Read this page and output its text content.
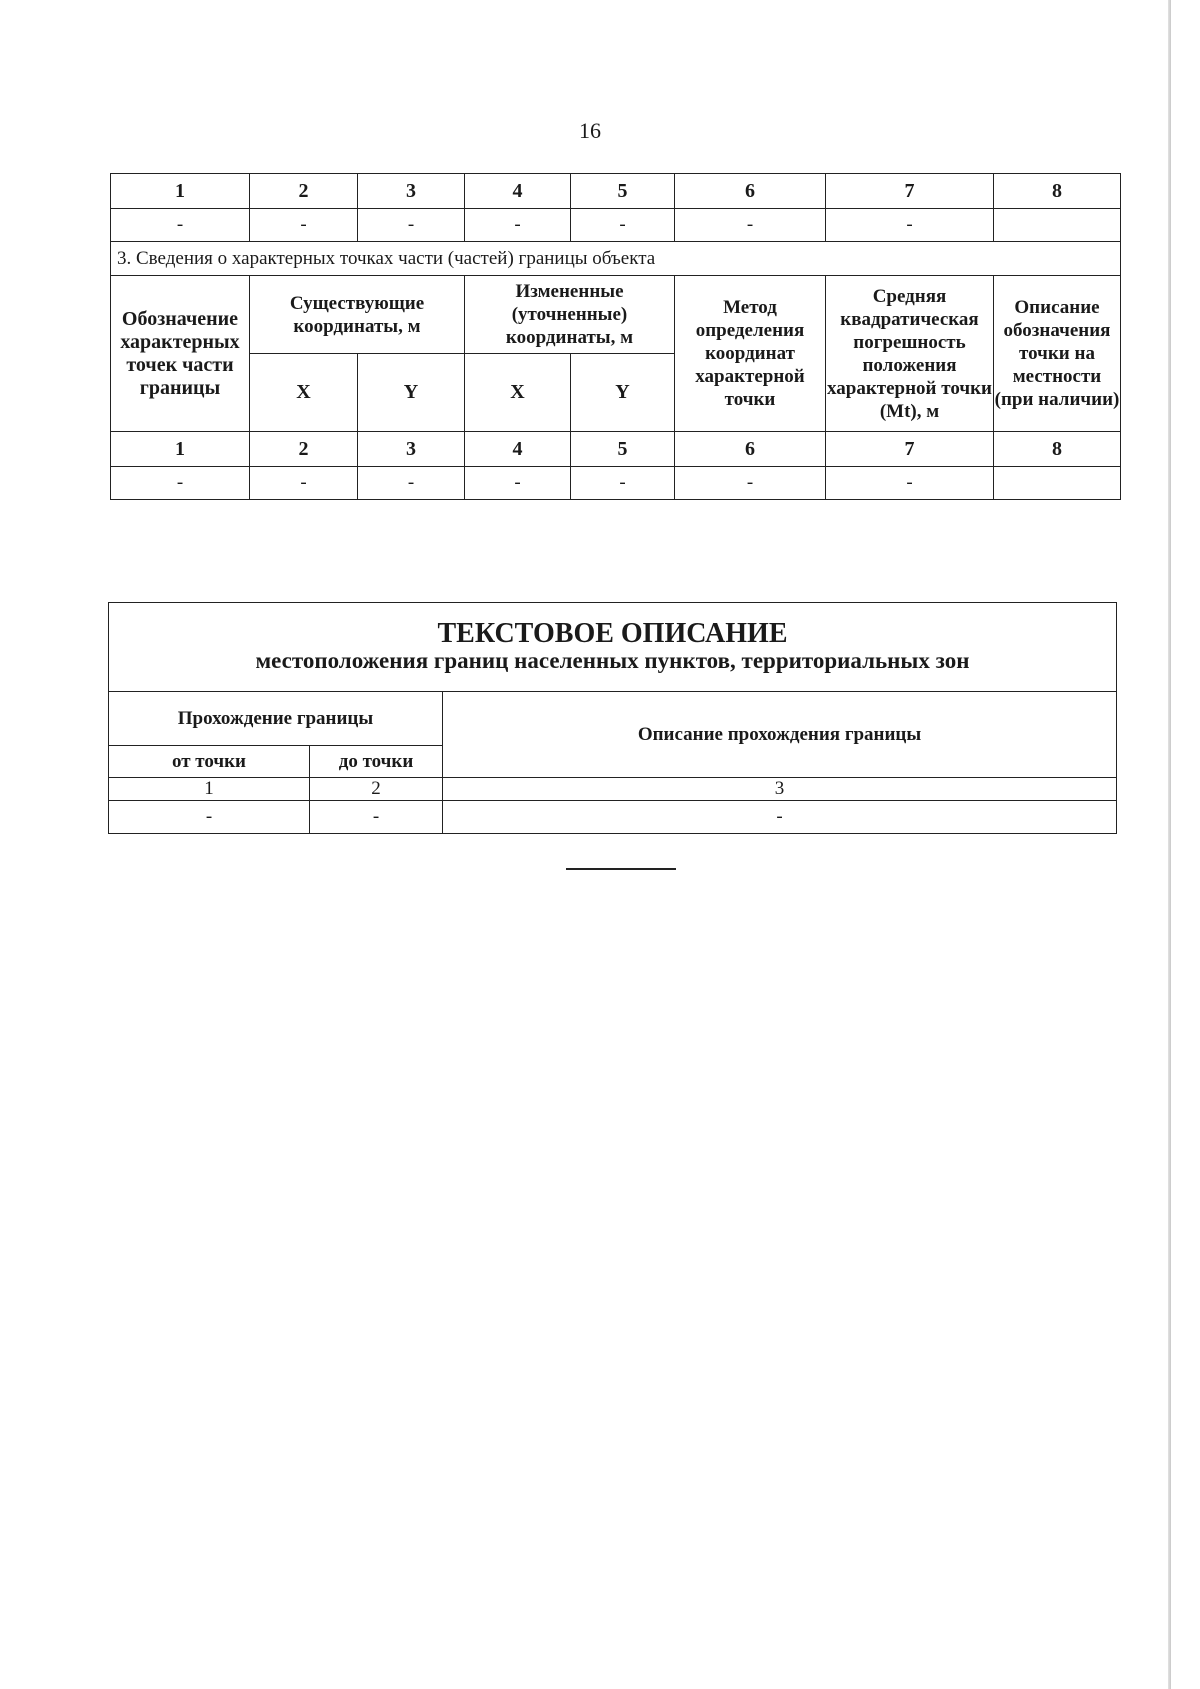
16
1	2	3	4	5	6	7	8
-	-	-	-	-	-	-	
3. Сведения о характерных точках части (частей) границы объекта							
Обозначение характерных точек части границы	Существующие координаты, м		Измененные (уточненные) координаты, м		Метод определения координат характерной точки	Средняя квадратическая погрешность положения характерной точки (Mt), м	Описание обозначения точки на местности (при наличии)
	X	Y	X	Y			
1	2	3	4	5	6	7	8
-	-	-	-	-	-	-	
ТЕКСТОВОЕ ОПИСАНИЕ
местоположения границ населенных пунктов, территориальных зон		

Прохождение границы		Описание прохождения границы
от точки	до точки	
1	2	3
-	-	-
